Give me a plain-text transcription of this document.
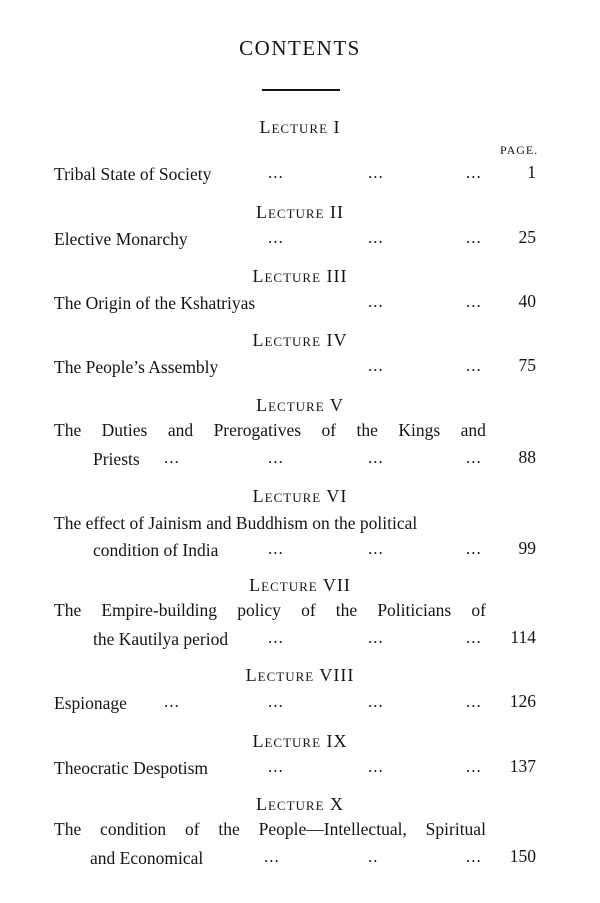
CONTENTS
Lecture I
PAGE.
Tribal State of Society	...	...	...	1
Lecture II
Elective Monarchy	...	...	...	25
Lecture III
The Origin of the Kshatriyas	...	...	40
Lecture IV
The People’s Assembly	...	...	75
Lecture V
The Duties and Prerogatives of the Kings and
Priests ...	...	...	...	88
Lecture VI
The effect of Jainism and Buddhism on the political
condition of India	...	...	...	99
Lecture VII
The Empire-building policy of the Politicians of
the Kautilya period ...	...	...	114
Lecture VIII
Espionage ...	...	...	...	126
Lecture IX
Theocratic Despotism	...	...	...	137
Lecture X
The condition of the People—Intellectual, Spiritual
and Economical	...	..	...	150
